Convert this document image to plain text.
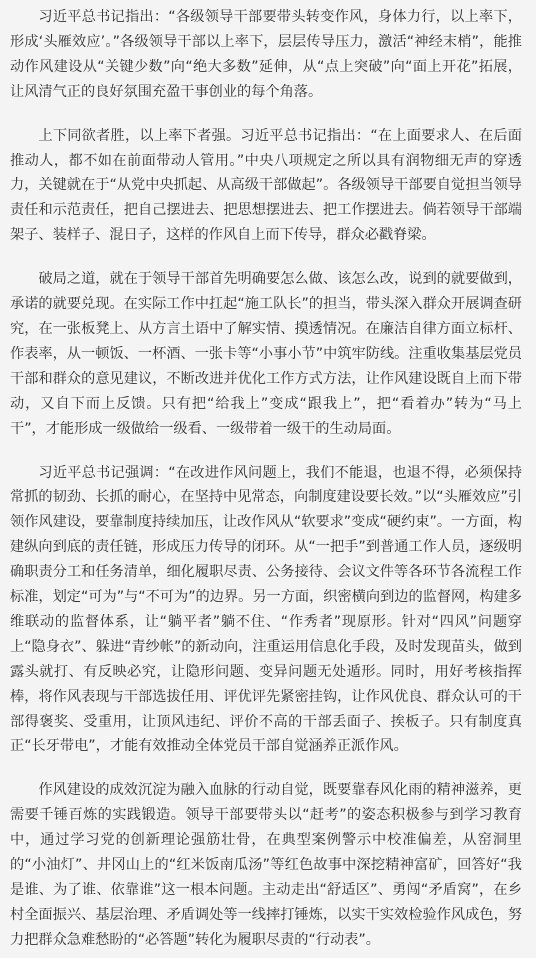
习近平总书记指出：“各级领导干部要带头转变作风，身体力行，以上率下，形成‘头雁效应’。”各级领导干部以上率下，层层传导压力，激活“神经末梢”，能推动作风建设从“关键少数”向“绝大多数”延伸，从“点上突破”向“面上开花”拓展，让风清气正的良好氛围充盈干事创业的每个角落。

上下同欲者胜，以上率下者强。习近平总书记指出：“在上面要求人、在后面推动人，都不如在前面带动人管用。”中央八项规定之所以具有润物细无声的穿透力，关键就在于“从党中央抓起、从高级干部做起”。各级领导干部要自觉担当领导责任和示范责任，把自己摆进去、把思想摆进去、把工作摆进去。倘若领导干部端架子、装样子、混日子，这样的作风自上而下传导，群众必戳脊梁。

破局之道，就在于领导干部首先明确要怎么做、该怎么改，说到的就要做到，承诺的就要兑现。在实际工作中扛起“施工队长”的担当，带头深入群众开展调查研究，在一张板凳上、从方言土语中了解实情、摸透情况。在廉洁自律方面立标杆、作表率，从一顿饭、一杯酒、一张卡等“小事小节”中筑牢防线。注重收集基层党员干部和群众的意见建议，不断改进并优化工作方式方法，让作风建设既自上而下带动，又自下而上反馈。只有把“给我上”变成“跟我上”，把“看着办”转为“马上干”，才能形成一级做给一级看、一级带着一级干的生动局面。

习近平总书记强调：“在改进作风问题上，我们不能退，也退不得，必须保持常抓的韧劲、长抓的耐心，在坚持中见常态，向制度建设要长效。”以“头雁效应”引领作风建设，要靠制度持续加压，让改作风从“软要求”变成“硬约束”。一方面，构建纵向到底的责任链，形成压力传导的闭环。从“一把手”到普通工作人员，逐级明确职责分工和任务清单，细化履职尽责、公务接待、会议文件等各环节各流程工作标准，划定“可为”与“不可为”的边界。另一方面，织密横向到边的监督网，构建多维联动的监督体系，让“躺平者”躺不住、“作秀者”现原形。针对“四风”问题穿上“隐身衣”、躲进“青纱帐”的新动向，注重运用信息化手段，及时发现苗头，做到露头就打、有反映必究，让隐形问题、变异问题无处遁形。同时，用好考核指挥棒，将作风表现与干部选拔任用、评优评先紧密挂钩，让作风优良、群众认可的干部得褒奖、受重用，让顶风违纪、评价不高的干部丢面子、挨板子。只有制度真正“长牙带电”，才能有效推动全体党员干部自觉涵养正派作风。

作风建设的成效沉淀为融入血脉的行动自觉，既要靠春风化雨的精神滋养，更需要千锤百炼的实践锻造。领导干部要带头以“赶考”的姿态积极参与到学习教育中，通过学习党的创新理论强筋壮骨，在典型案例警示中校准偏差，从窑洞里的“小油灯”、井冈山上的“红米饭南瓜汤”等红色故事中深挖精神富矿，回答好“我是谁、为了谁、依靠谁”这一根本问题。主动走出“舒适区”、勇闯“矛盾窝”，在乡村全面振兴、基层治理、矛盾调处等一线摔打锤炼，以实干实效检验作风成色，努力把群众急难愁盼的“必答题”转化为履职尽责的“行动表”。
